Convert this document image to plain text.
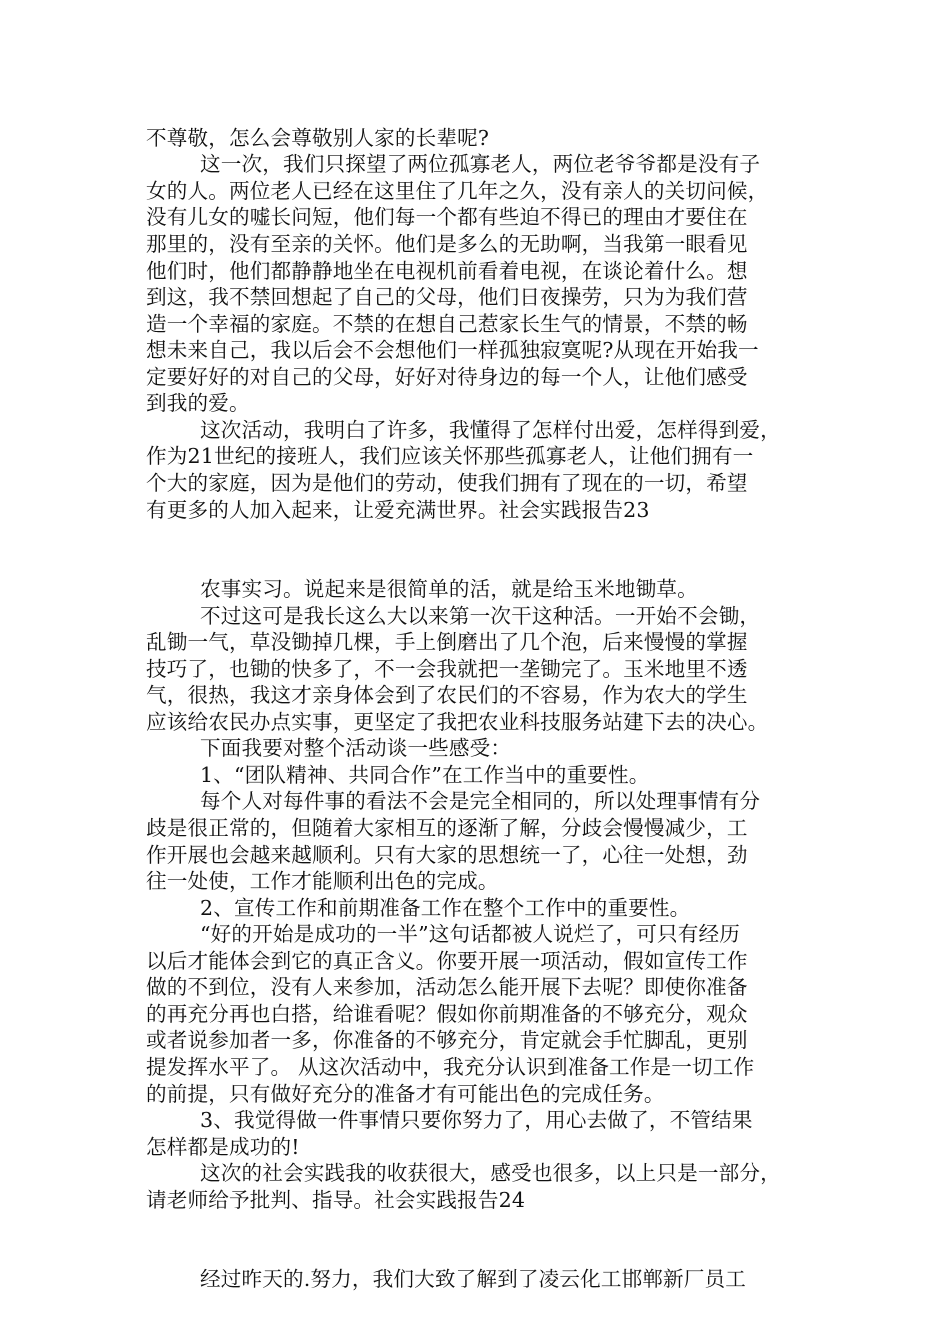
不尊敬，怎么会尊敬别人家的长辈呢?
这一次，我们只探望了两位孤寡老人，两位老爷爷都是没有子
女的人。两位老人已经在这里住了几年之久，没有亲人的关切问候，
没有儿女的嘘长问短，他们每一个都有些迫不得已的理由才要住在
那里的，没有至亲的关怀。他们是多么的无助啊，当我第一眼看见
他们时，他们都静静地坐在电视机前看着电视，在谈论着什么。想
到这，我不禁回想起了自己的父母，他们日夜操劳，只为为我们营
造一个幸福的家庭。不禁的在想自己惹家长生气的情景，不禁的畅
想未来自己，我以后会不会想他们一样孤独寂寞呢?从现在开始我一
定要好好的对自己的父母，好好对待身边的每一个人，让他们感受
到我的爱。
这次活动，我明白了许多，我懂得了怎样付出爱，怎样得到爱，
作为21世纪的接班人，我们应该关怀那些孤寡老人，让他们拥有一
个大的家庭，因为是他们的劳动，使我们拥有了现在的一切，希望
有更多的人加入起来，让爱充满世界。社会实践报告23
农事实习。说起来是很简单的活，就是给玉米地锄草。
不过这可是我长这么大以来第一次干这种活。一开始不会锄，
乱锄一气，草没锄掉几棵，手上倒磨出了几个泡，后来慢慢的掌握
技巧了，也锄的快多了，不一会我就把一垄锄完了。玉米地里不透
气，很热，我这才亲身体会到了农民们的不容易，作为农大的学生
应该给农民办点实事，更坚定了我把农业科技服务站建下去的决心。
下面我要对整个活动谈一些感受：
1、“团队精神、共同合作”在工作当中的重要性。
每个人对每件事的看法不会是完全相同的，所以处理事情有分
歧是很正常的，但随着大家相互的逐渐了解，分歧会慢慢减少，工
作开展也会越来越顺利。只有大家的思想统一了，心往一处想，劲
往一处使，工作才能顺利出色的完成。
2、宣传工作和前期准备工作在整个工作中的重要性。
“好的开始是成功的一半”这句话都被人说烂了，可只有经历
以后才能体会到它的真正含义。你要开展一项活动，假如宣传工作
做的不到位，没有人来参加，活动怎么能开展下去呢？即使你准备
的再充分再也白搭，给谁看呢？假如你前期准备的不够充分，观众
或者说参加者一多，你准备的不够充分，肯定就会手忙脚乱，更别
提发挥水平了。 从这次活动中，我充分认识到准备工作是一切工作
的前提，只有做好充分的准备才有可能出色的完成任务。
3、我觉得做一件事情只要你努力了，用心去做了，不管结果
怎样都是成功的!
这次的社会实践我的收获很大，感受也很多，以上只是一部分，
请老师给予批判、指导。社会实践报告24
经过昨天的.努力，我们大致了解到了凌云化工邯郸新厂员工
